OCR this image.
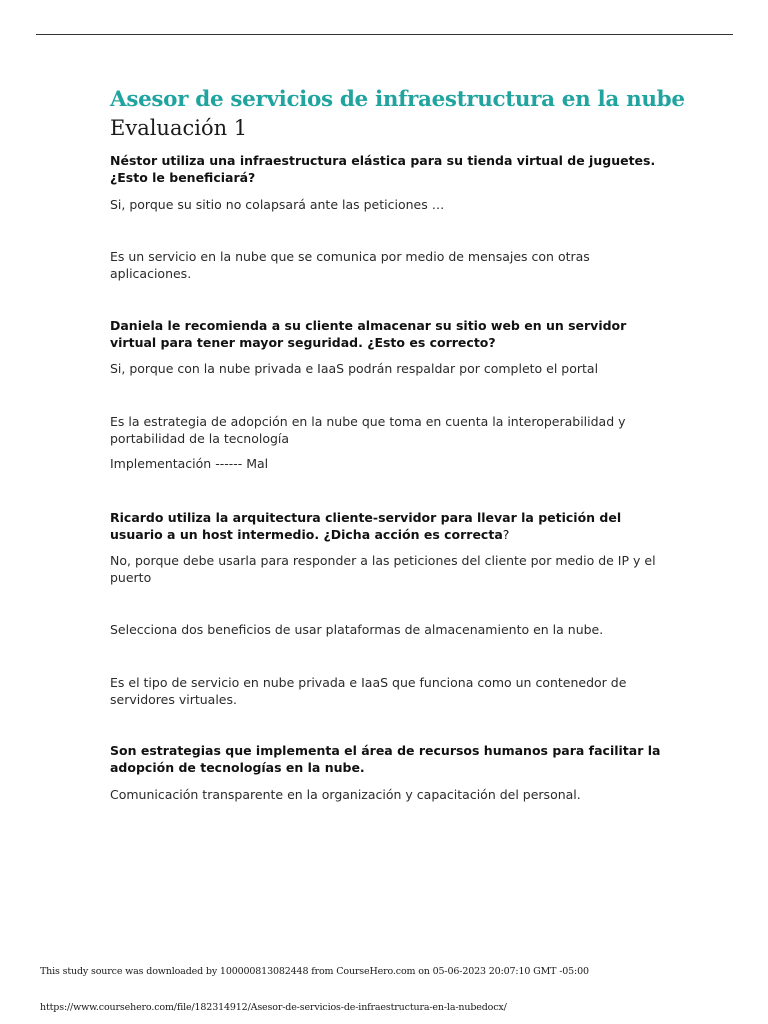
Asesor de servicios de infraestructura en la nube
Evaluación 1

Néstor utiliza una infraestructura elástica para su tienda virtual de juguetes. ¿Esto le beneficiará?

Si, porque su sitio no colapsará ante las peticiones …

Es un servicio en la nube que se comunica por medio de mensajes con otras aplicaciones.

Daniela le recomienda a su cliente almacenar su sitio web en un servidor virtual para tener mayor seguridad. ¿Esto es correcto?

Si, porque con la nube privada e IaaS podrán respaldar por completo el portal

Es la estrategia de adopción en la nube que toma en cuenta la interoperabilidad y portabilidad de la tecnología

Implementación ------ Mal

Ricardo utiliza la arquitectura cliente-servidor para llevar la petición del usuario a un host intermedio. ¿Dicha acción es correcta?

No, porque debe usarla para responder a las peticiones del cliente por medio de IP y el puerto

Selecciona dos beneficios de usar plataformas de almacenamiento en la nube.

Es el tipo de servicio en nube privada e IaaS que funciona como un contenedor de servidores virtuales.

Son estrategias que implementa el área de recursos humanos para facilitar la adopción de tecnologías en la nube.

Comunicación transparente en la organización y capacitación del personal.

This study source was downloaded by 100000813082448 from CourseHero.com on 05-06-2023 20:07:10 GMT -05:00

https://www.coursehero.com/file/182314912/Asesor-de-servicios-de-infraestructura-en-la-nubedocx/
